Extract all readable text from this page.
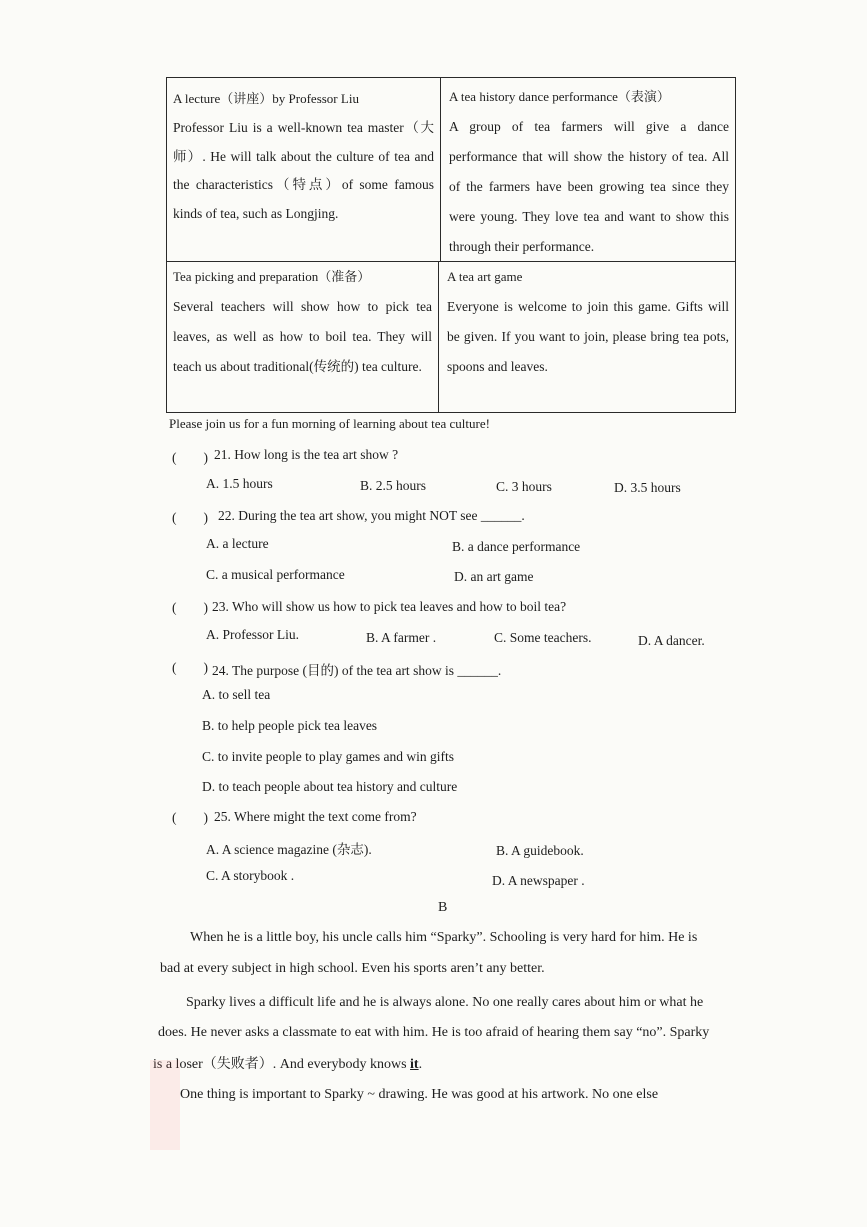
A lecture（讲座）by Professor Liu
Professor Liu is a well-known tea master（大师）. He will talk about the culture of tea and the characteristics（特点）of some famous kinds of tea, such as Longjing.
A tea history dance performance（表演）
A group of tea farmers will give a dance performance that will show the history of tea. All of the farmers have been growing tea since they were young. They love tea and want to show this through their performance.
Tea picking and preparation（准备）
Several teachers will show how to pick tea leaves, as well as how to boil tea. They will teach us about traditional(传统的) tea culture.
A tea art game
Everyone is welcome to join this game. Gifts will be given. If you want to join, please bring tea pots, spoons and leaves.
Please join us for a fun morning of learning about tea culture!
(　　) 21. How long is the tea art show ?
A. 1.5 hours	B. 2.5 hours	C. 3 hours	D. 3.5 hours
(　　) 22. During the tea art show, you might NOT see ______.
A. a lecture	B. a dance performance
C. a musical performance	D. an art game
(　　) 23. Who will show us how to pick tea leaves and how to boil tea?
A. Professor Liu.	B. A farmer .	C. Some teachers.	D. A dancer.
(　　) 24. The purpose (目的) of the tea art show is ______.
A. to sell tea
B. to help people pick tea leaves
C. to invite people to play games and win gifts
D. to teach people about tea history and culture
(　　) 25. Where might the text come from?
A. A science magazine (杂志).	B. A guidebook.
C. A storybook .	D. A newspaper .
B
When he is a little boy, his uncle calls him “Sparky”. Schooling is very hard for him. He is
bad at every subject in high school. Even his sports aren’t any better.
Sparky lives a difficult life and he is always alone. No one really cares about him or what he
does. He never asks a classmate to eat with him. He is too afraid of hearing them say “no”. Sparky
is a loser（失败者）. And everybody knows it.
One thing is important to Sparky ~ drawing. He was good at his artwork. No one else
